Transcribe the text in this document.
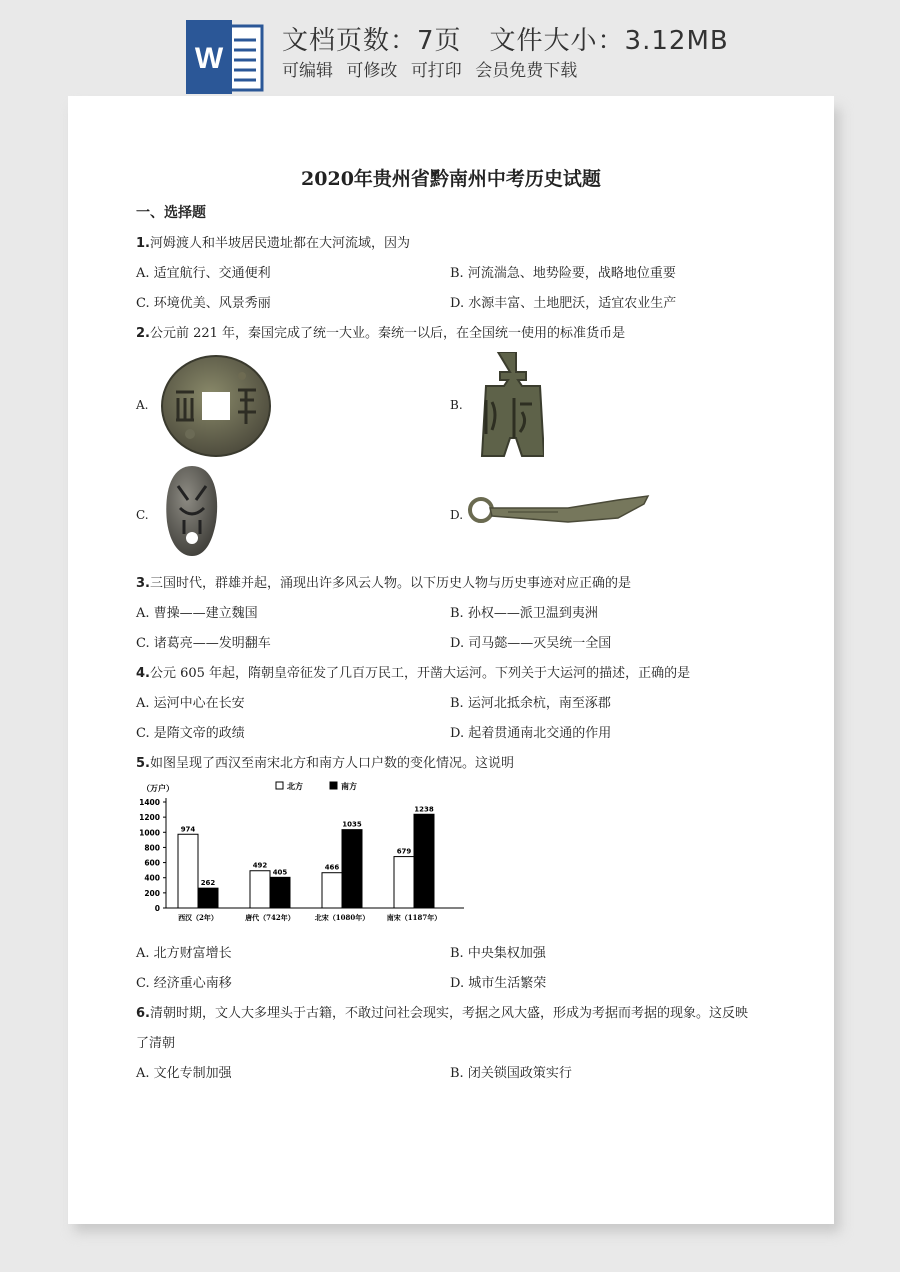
W
文档页数：7页 文件大小：3.12MB
可编辑 可修改 可打印 会员免费下载
2020年贵州省黔南州中考历史试题
一、选择题
1.河姆渡人和半坡居民遗址都在大河流域，因为
A. 适宜航行、交通便利	B. 河流湍急、地势险要，战略地位重要
C. 环境优美、风景秀丽	D. 水源丰富、土地肥沃，适宜农业生产
2.公元前 221 年，秦国完成了统一大业。秦统一以后，在全国统一使用的标准货币是
A.	B.
C.	D.
3.三国时代，群雄并起，涌现出许多风云人物。以下历史人物与历史事迹对应正确的是
A. 曹操——建立魏国	B. 孙权——派卫温到夷洲
C. 诸葛亮——发明翻车	D. 司马懿——灭吴统一全国
4.公元 605 年起，隋朝皇帝征发了几百万民工，开凿大运河。下列关于大运河的描述，正确的是
A. 运河中心在长安	B. 运河北抵余杭，南至涿郡
C. 是隋文帝的政绩	D. 起着贯通南北交通的作用
5.如图呈现了西汉至南宋北方和南方人口户数的变化情况。这说明
（万户）
0
200
400
600
800
1000
1200
1400
北方	南方
974
262
西汉（2年）
492
405
唐代（742年）
466
1035
北宋（1080年）
679
1238
南宋（1187年）
A. 北方财富增长	B. 中央集权加强
C. 经济重心南移	D. 城市生活繁荣
6.清朝时期，文人大多埋头于古籍，不敢过问社会现实，考据之风大盛，形成为考据而考据的现象。这反映
了清朝
A. 文化专制加强	B. 闭关锁国政策实行
